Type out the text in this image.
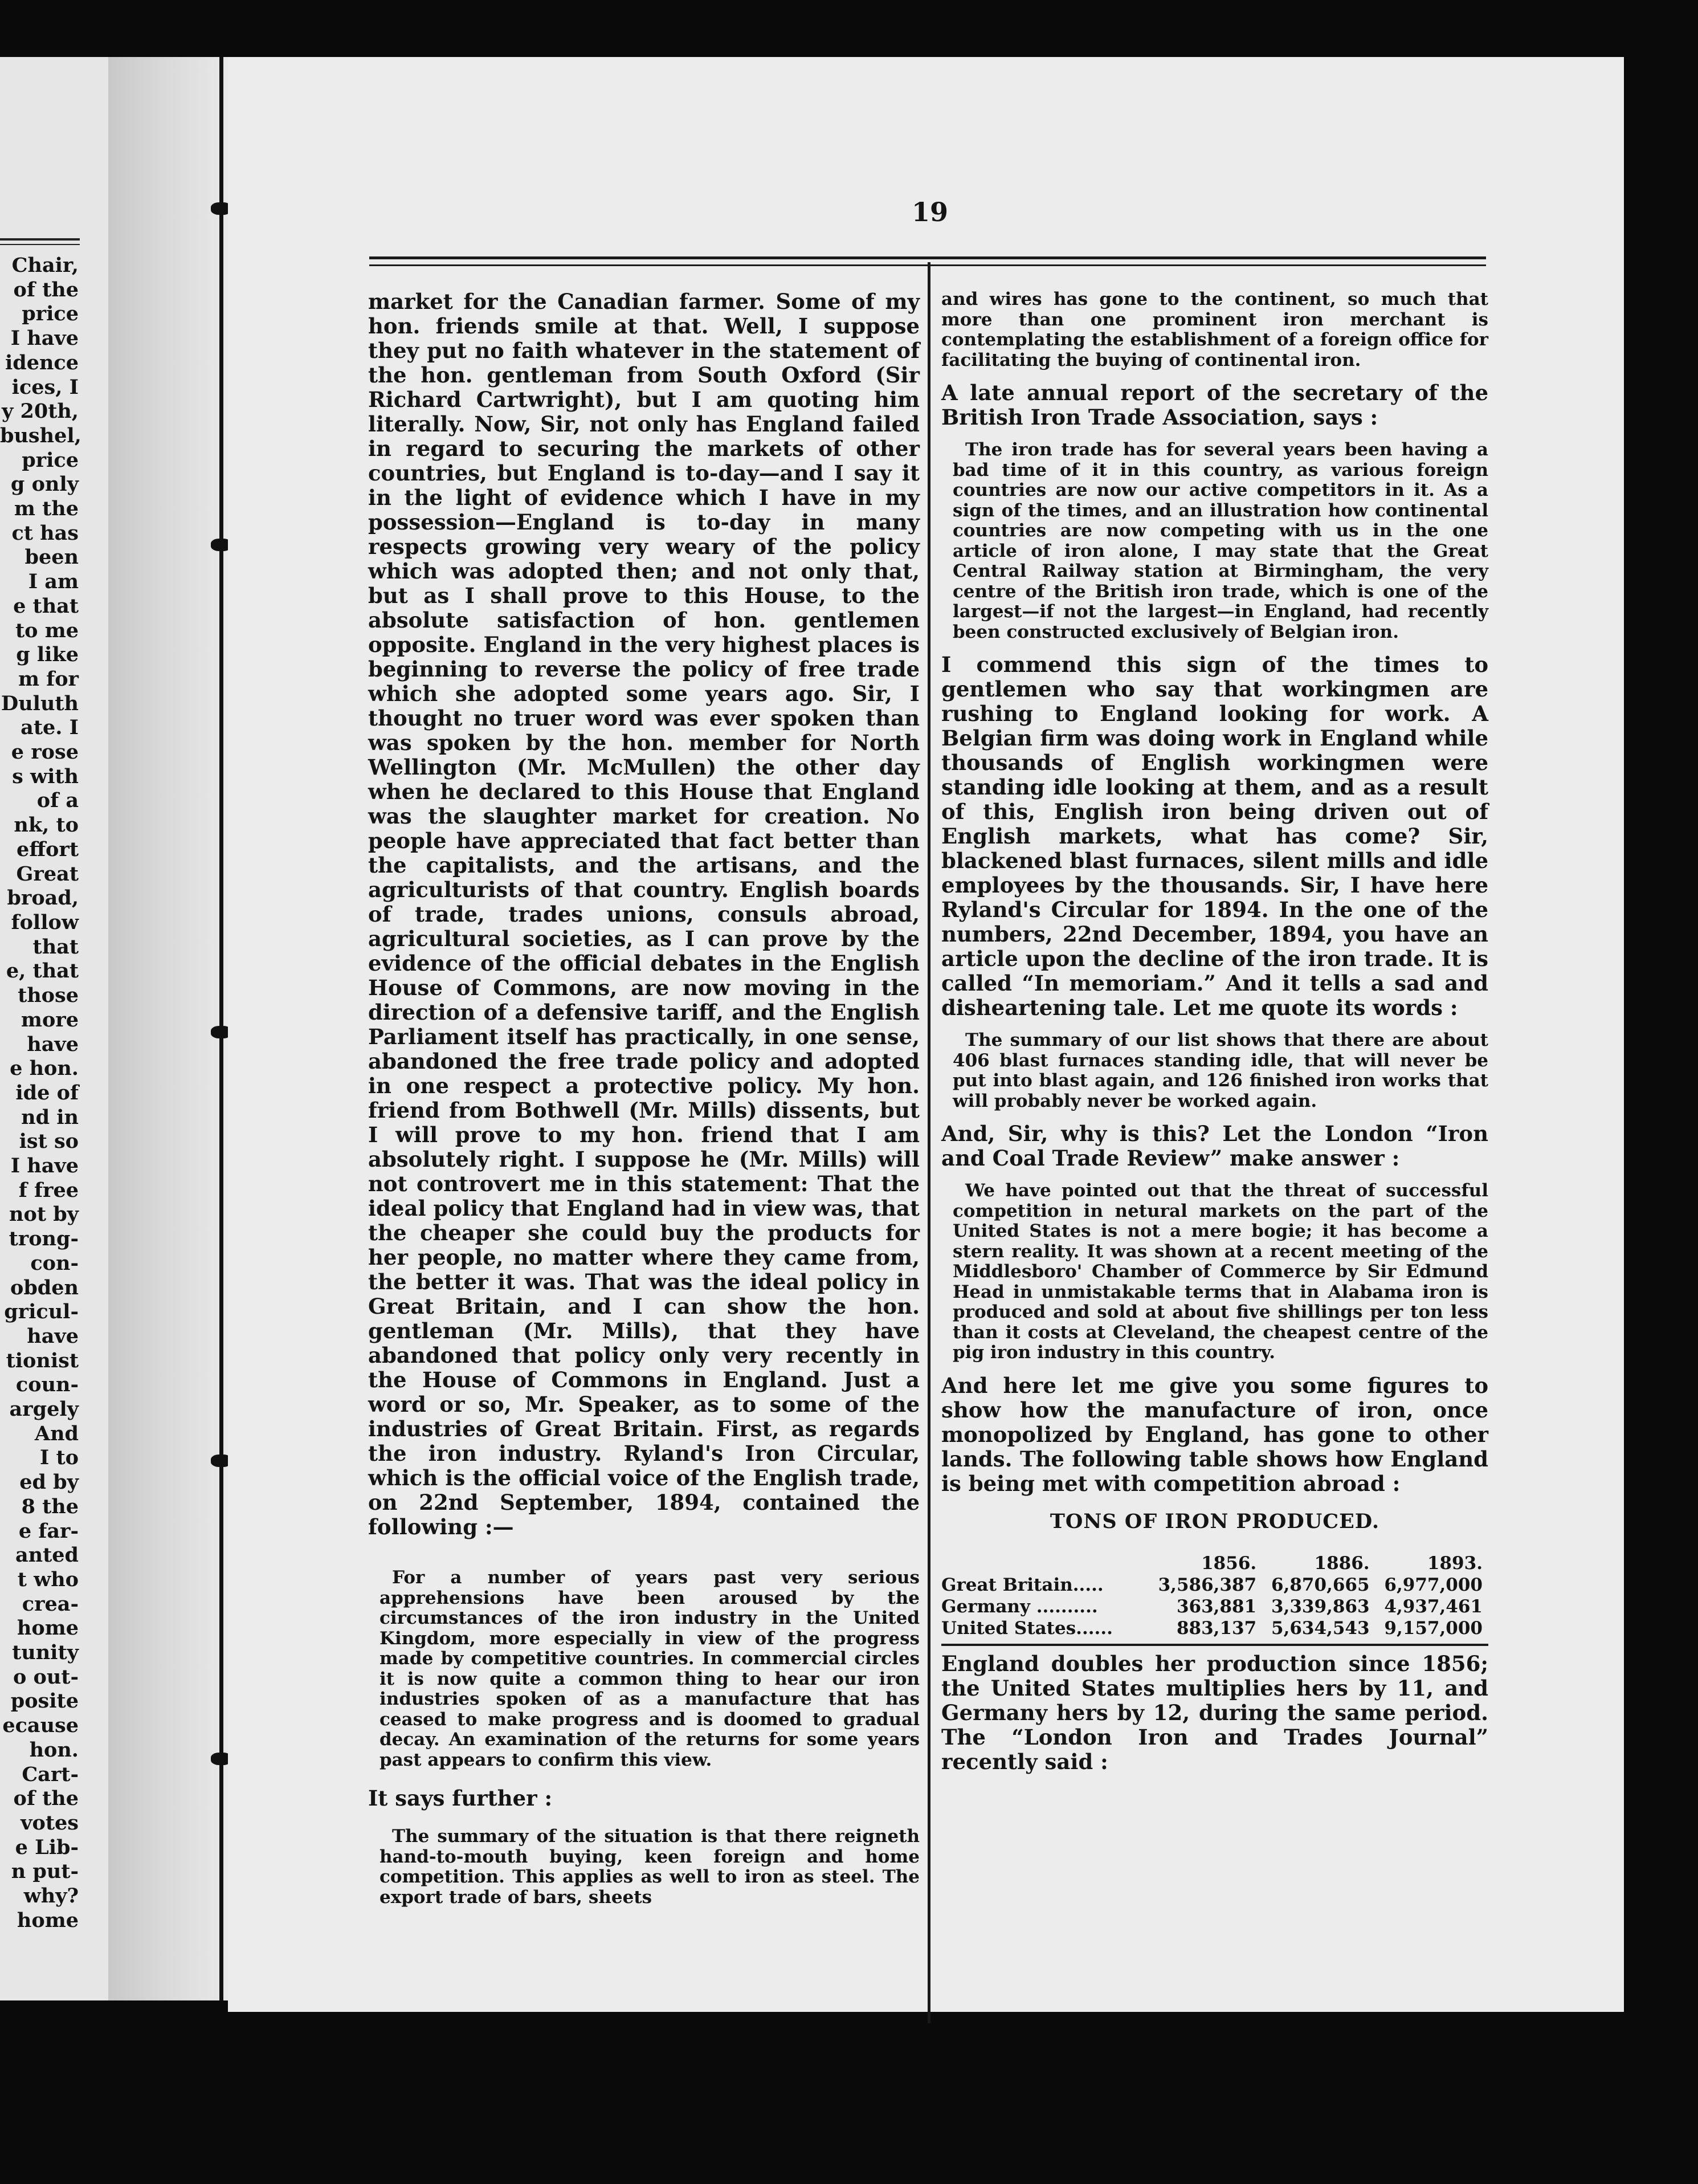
Chair,
of the
price
I have
idence
ices, I
y 20th,
bushel,
price
g only
m the
ct has
been
I am
e that
to me
g like
m for
Duluth
ate. I
e rose
s with
of a
nk, to
effort
Great
broad,
follow
that
e, that
those
more
have
e hon.
ide of
nd in
ist so
I have
f free
not by
trong-
con-
obden
gricul-
have
tionist
coun-
argely
And
I to
ed by
8 the
e far-
anted
t who
crea-
home
tunity
o out-
posite
ecause
hon.
Cart-
of the
votes
e Lib-
n put-
why?
home
19

market for the Canadian farmer. Some of my hon. friends smile at that. Well, I suppose they put no faith whatever in the statement of the hon. gentleman from South Oxford (Sir Richard Cartwright), but I am quoting him literally. Now, Sir, not only has England failed in regard to securing the markets of other countries, but England is to-day—and I say it in the light of evidence which I have in my possession—England is to-day in many respects growing very weary of the policy which was adopted then; and not only that, but as I shall prove to this House, to the absolute satisfaction of hon. gentlemen opposite. England in the very highest places is beginning to reverse the policy of free trade which she adopted some years ago. Sir, I thought no truer word was ever spoken than was spoken by the hon. member for North Wellington (Mr. McMullen) the other day when he declared to this House that England was the slaughter market for creation. No people have appreciated that fact better than the capitalists, and the artisans, and the agriculturists of that country. English boards of trade, trades unions, consuls abroad, agricultural societies, as I can prove by the evidence of the official debates in the English House of Commons, are now moving in the direction of a defensive tariff, and the English Parliament itself has practically, in one sense, abandoned the free trade policy and adopted in one respect a protective policy. My hon. friend from Bothwell (Mr. Mills) dissents, but I will prove to my hon. friend that I am absolutely right. I suppose he (Mr. Mills) will not controvert me in this statement: That the ideal policy that England had in view was, that the cheaper she could buy the products for her people, no matter where they came from, the better it was. That was the ideal policy in Great Britain, and I can show the hon. gentleman (Mr. Mills), that they have abandoned that policy only very recently in the House of Commons in England. Just a word or so, Mr. Speaker, as to some of the industries of Great Britain. First, as regards the iron industry. Ryland's Iron Circular, which is the official voice of the English trade, on 22nd September, 1894, contained the following :—

For a number of years past very serious apprehensions have been aroused by the circumstances of the iron industry in the United Kingdom, more especially in view of the progress made by competitive countries. In commercial circles it is now quite a common thing to hear our iron industries spoken of as a manufacture that has ceased to make progress and is doomed to gradual decay. An examination of the returns for some years past appears to confirm this view.

It says further :

The summary of the situation is that there reigneth hand-to-mouth buying, keen foreign and home competition. This applies as well to iron as steel. The export trade of bars, sheets

and wires has gone to the continent, so much that more than one prominent iron merchant is contemplating the establishment of a foreign office for facilitating the buying of continental iron.

A late annual report of the secretary of the British Iron Trade Association, says :

The iron trade has for several years been having a bad time of it in this country, as various foreign countries are now our active competitors in it. As a sign of the times, and an illustration how continental countries are now competing with us in the one article of iron alone, I may state that the Great Central Railway station at Birmingham, the very centre of the British iron trade, which is one of the largest—if not the largest—in England, had recently been constructed exclusively of Belgian iron.

I commend this sign of the times to gentlemen who say that workingmen are rushing to England looking for work. A Belgian firm was doing work in England while thousands of English workingmen were standing idle looking at them, and as a result of this, English iron being driven out of English markets, what has come? Sir, blackened blast furnaces, silent mills and idle employees by the thousands. Sir, I have here Ryland's Circular for 1894. In the one of the numbers, 22nd December, 1894, you have an article upon the decline of the iron trade. It is called “In memoriam.” And it tells a sad and disheartening tale. Let me quote its words :

The summary of our list shows that there are about 406 blast furnaces standing idle, that will never be put into blast again, and 126 finished iron works that will probably never be worked again.

And, Sir, why is this? Let the London “Iron and Coal Trade Review” make answer :

We have pointed out that the threat of successful competition in netural markets on the part of the United States is not a mere bogie; it has become a stern reality. It was shown at a recent meeting of the Middlesboro' Chamber of Commerce by Sir Edmund Head in unmistakable terms that in Alabama iron is produced and sold at about five shillings per ton less than it costs at Cleveland, the cheapest centre of the pig iron industry in this country.

And here let me give you some figures to show how the manufacture of iron, once monopolized by England, has gone to other lands. The following table shows how England is being met with competition abroad :

TONS OF IRON PRODUCED.
	1856.	1886.	1893.
Great Britain.....	3,586,387	6,870,665	6,977,000
Germany ..........	363,881	3,339,863	4,937,461
United States......	883,137	5,634,543	9,157,000

England doubles her production since 1856; the United States multiplies hers by 11, and Germany hers by 12, during the same period. The “London Iron and Trades Journal” recently said :
